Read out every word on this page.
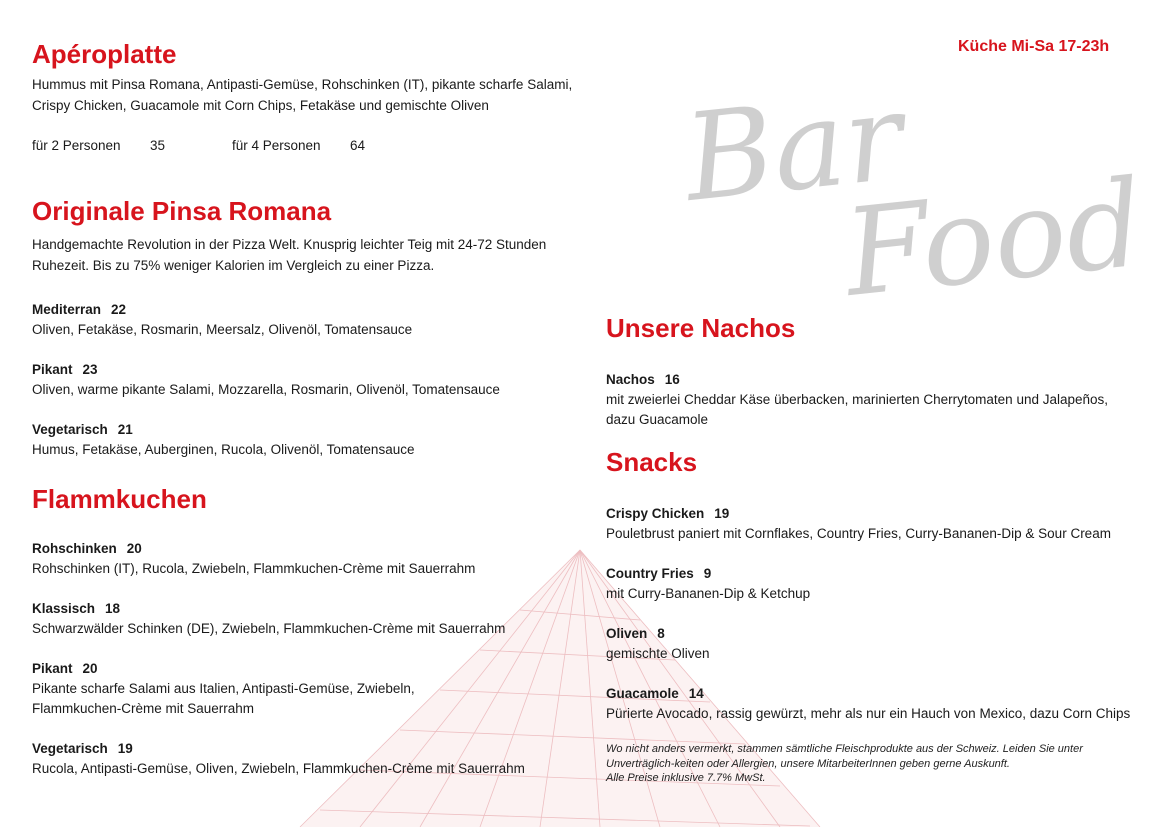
Bar
Food
Küche Mi-Sa 17-23h
Apéroplatte

Hummus mit Pinsa Romana, Antipasti-Gemüse, Rohschinken (IT), pikante scharfe Salami,

Crispy Chicken, Guacamole mit Corn Chips, Fetakäse und gemischte Oliven

für 2 Personen 35	für 4 Personen 64

Originale Pinsa Romana

Handgemachte Revolution in der Pizza Welt. Knusprig leichter Teig mit 24-72 Stunden

Ruhezeit. Bis zu 75% weniger Kalorien im Vergleich zu einer Pizza.

Mediterran 22
Oliven, Fetakäse, Rosmarin, Meersalz, Olivenöl, Tomatensauce
Pikant 23
Oliven, warme pikante Salami, Mozzarella, Rosmarin, Olivenöl, Tomatensauce
Vegetarisch 21
Humus, Fetakäse, Auberginen, Rucola, Olivenöl, Tomatensauce
Flammkuchen
Rohschinken 20
Rohschinken (IT), Rucola, Zwiebeln, Flammkuchen-Crème mit Sauerrahm
Klassisch 18
Schwarzwälder Schinken (DE), Zwiebeln, Flammkuchen-Crème mit Sauerrahm
Pikant 20
Pikante scharfe Salami aus Italien, Antipasti-Gemüse, Zwiebeln,
Flammkuchen-Crème mit Sauerrahm
Vegetarisch 19
Rucola, Antipasti-Gemüse, Oliven, Zwiebeln, Flammkuchen-Crème mit Sauerrahm
Unsere Nachos
Nachos 16
mit zweierlei Cheddar Käse überbacken, marinierten Cherrytomaten und Jalapeños,
dazu Guacamole
Snacks
Crispy Chicken 19
Pouletbrust paniert mit Cornflakes, Country Fries, Curry-Bananen-Dip & Sour Cream
Country Fries 9
mit Curry-Bananen-Dip & Ketchup
Oliven 8
gemischte Oliven
Guacamole 14
Pürierte Avocado, rassig gewürzt, mehr als nur ein Hauch von Mexico, dazu Corn Chips
Wo nicht anders vermerkt, stammen sämtliche Fleischprodukte aus der Schweiz. Leiden Sie unter
Unverträglich-keiten oder Allergien, unsere MitarbeiterInnen geben gerne Auskunft.
Alle Preise inklusive 7.7% MwSt.
